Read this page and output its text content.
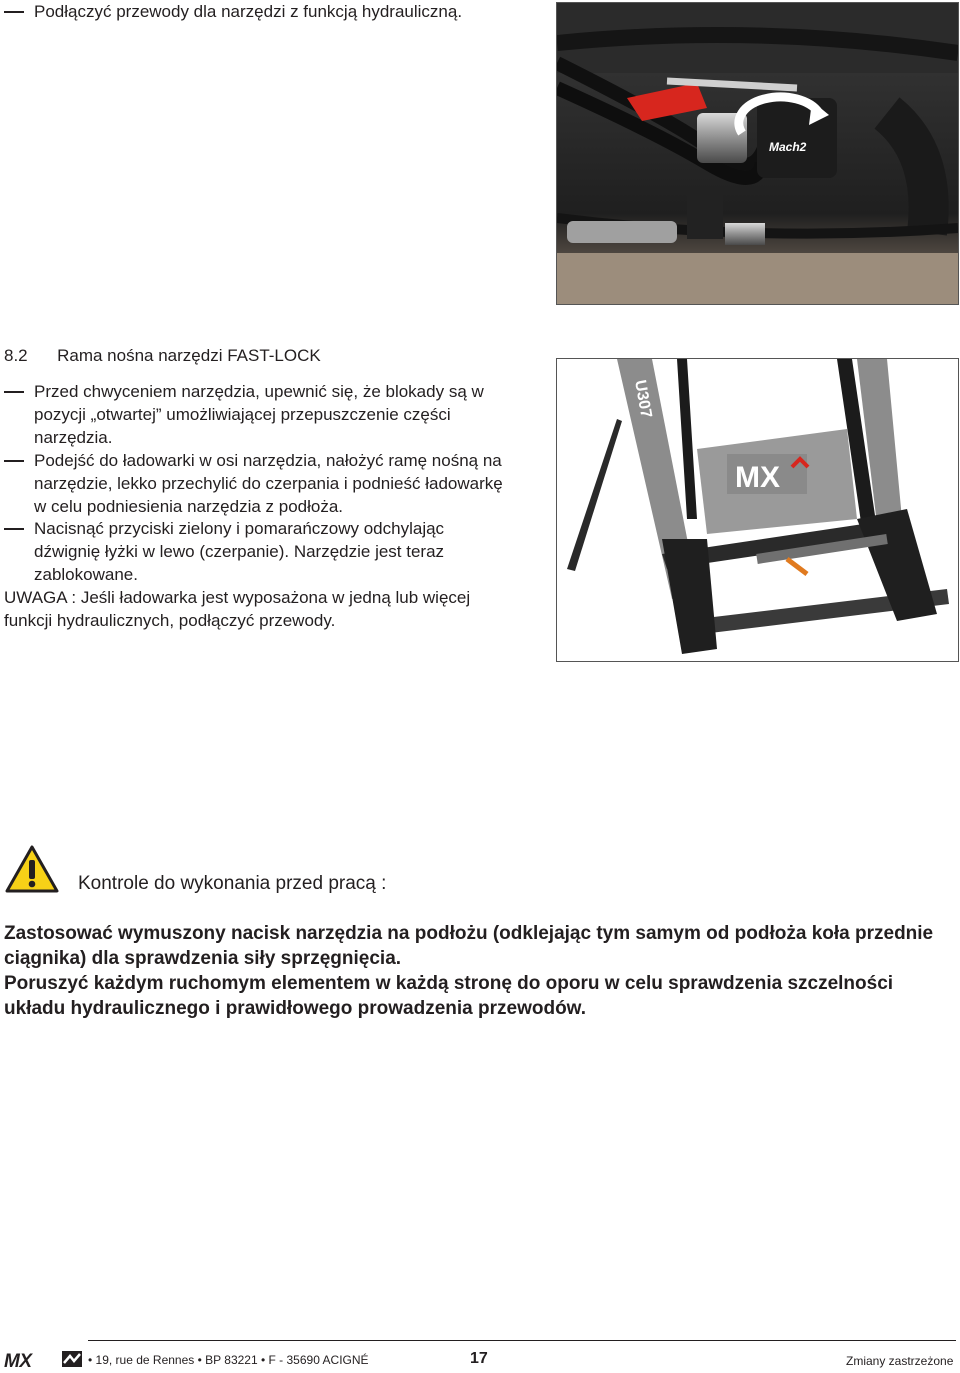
Podłączyć przewody dla narzędzi z funkcją hydrauliczną.
Mach2
8.2 Rama nośna narzędzi FAST-LOCK
Przed chwyceniem narzędzia, upewnić się, że blokady są w pozycji „otwartej” umożliwiającej przepuszczenie części narzędzia.
Podejść do ładowarki w osi narzędzia, nałożyć ramę nośną na narzędzie, lekko przechylić do czerpania i podnieść ładowarkę w celu podniesienia narzędzia z podłoża.
Nacisnąć przyciski zielony i pomarańczowy odchylając dźwignię łyżki w lewo (czerpanie). Narzędzie jest teraz zablokowane.
UWAGA : Jeśli ładowarka jest wyposażona w jedną lub więcej funkcji hydraulicznych, podłączyć przewody.
MX
U307
Kontrole do wykonania przed pracą :
Zastosować wymuszony nacisk narzędzia na podłożu (odklejając tym samym od podłoża koła przednie ciągnika) dla sprawdzenia siły sprzęgnięcia.
Poruszyć każdym ruchomym elementem w każdą stronę do oporu w celu sprawdzenia szczelności układu hydraulicznego i prawidłowego prowadzenia przewodów.
MX	• 19, rue de Rennes • BP 83221 • F - 35690 ACIGNÉ	17	Zmiany zastrzeżone
